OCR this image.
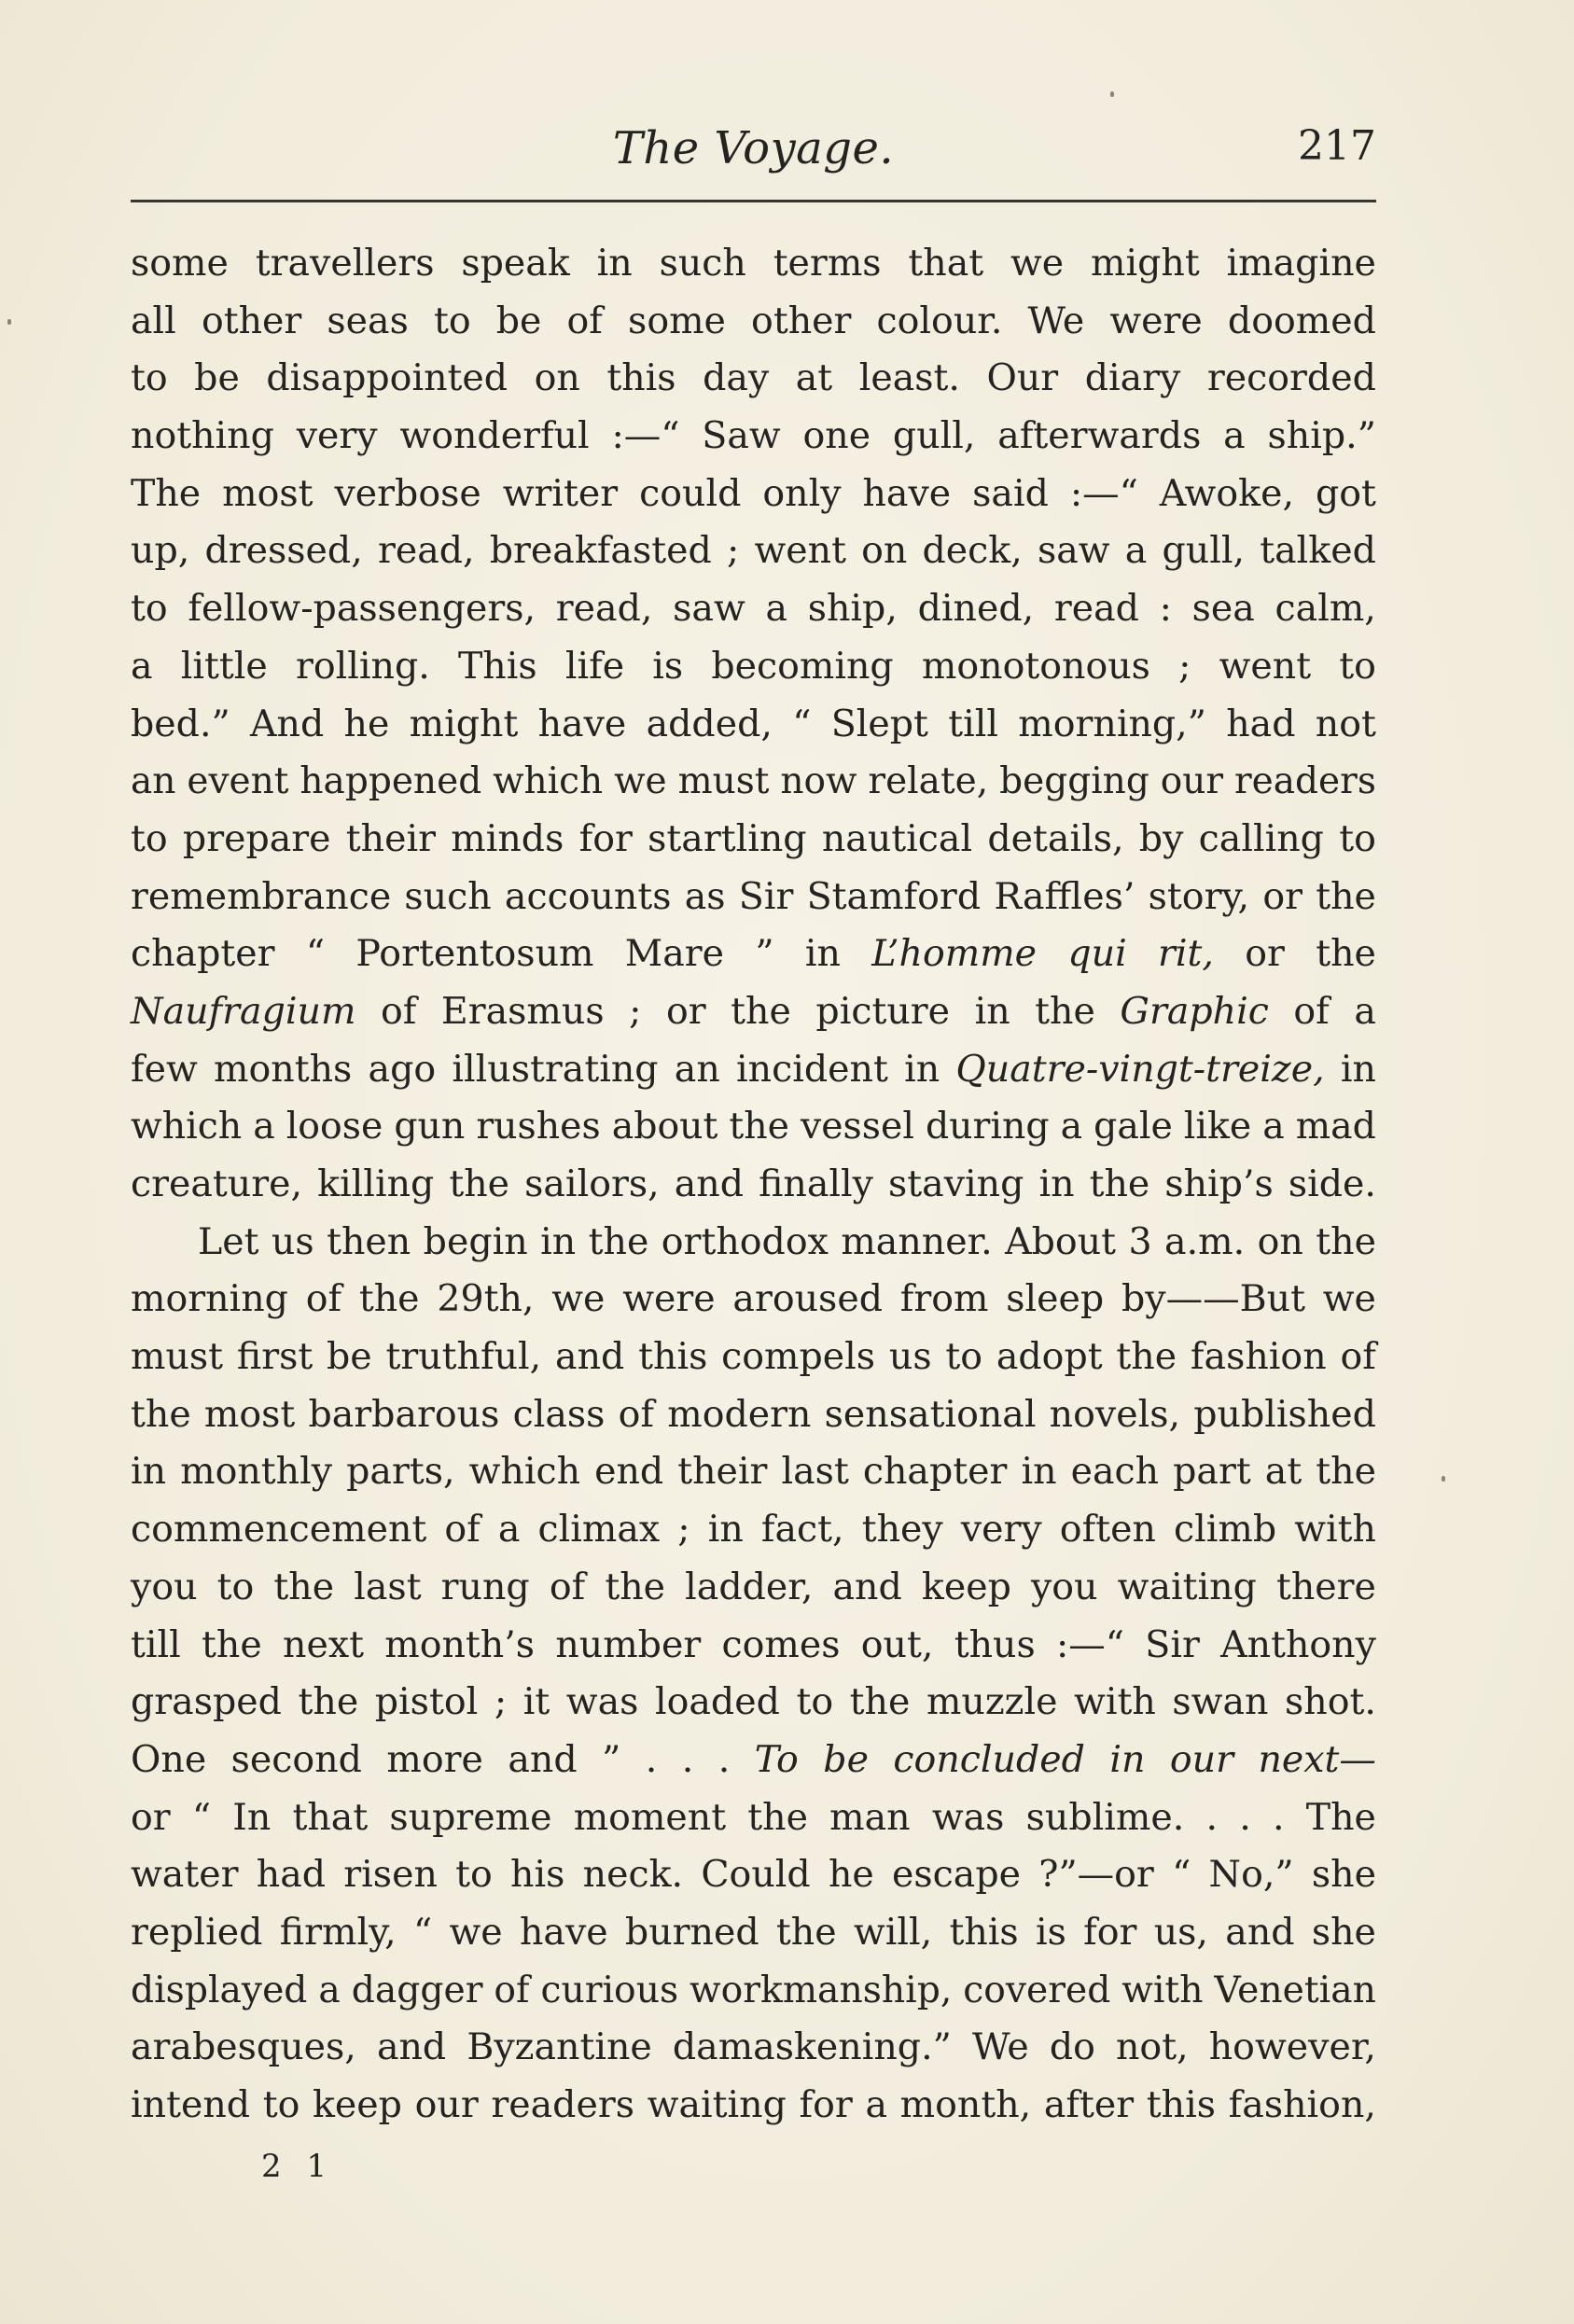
The Voyage.	217
some travellers speak in such terms that we might imagine
all other seas to be of some other colour. We were doomed
to be disappointed on this day at least. Our diary recorded
nothing very wonderful :—“ Saw one gull, afterwards a ship.”
The most verbose writer could only have said :—“ Awoke, got
up, dressed, read, breakfasted ; went on deck, saw a gull, talked
to fellow-passengers, read, saw a ship, dined, read : sea calm,
a little rolling. This life is becoming monotonous ; went to
bed.” And he might have added, “ Slept till morning,” had not
an event happened which we must now relate, begging our readers
to prepare their minds for startling nautical details, by calling to
remembrance such accounts as Sir Stamford Raffles’ story, or the
chapter “ Portentosum Mare ” in L’homme qui rit, or the
Naufragium of Erasmus ; or the picture in the Graphic of a
few months ago illustrating an incident in Quatre-vingt-treize, in
which a loose gun rushes about the vessel during a gale like a mad
creature, killing the sailors, and finally staving in the ship’s side.
Let us then begin in the orthodox manner. About 3 a.m. on the
morning of the 29th, we were aroused from sleep by——But we
must first be truthful, and this compels us to adopt the fashion of
the most barbarous class of modern sensational novels, published
in monthly parts, which end their last chapter in each part at the
commencement of a climax ; in fact, they very often climb with
you to the last rung of the ladder, and keep you waiting there
till the next month’s number comes out, thus :—“ Sir Anthony
grasped the pistol ; it was loaded to the muzzle with swan shot.
One second more and ” . . . To be concluded in our next—
or “ In that supreme moment the man was sublime. . . . The
water had risen to his neck. Could he escape ?”—or “ No,” she
replied firmly, “ we have burned the will, this is for us, and she
displayed a dagger of curious workmanship, covered with Venetian
arabesques, and Byzantine damaskening.” We do not, however,
intend to keep our readers waiting for a month, after this fashion,
2 1
